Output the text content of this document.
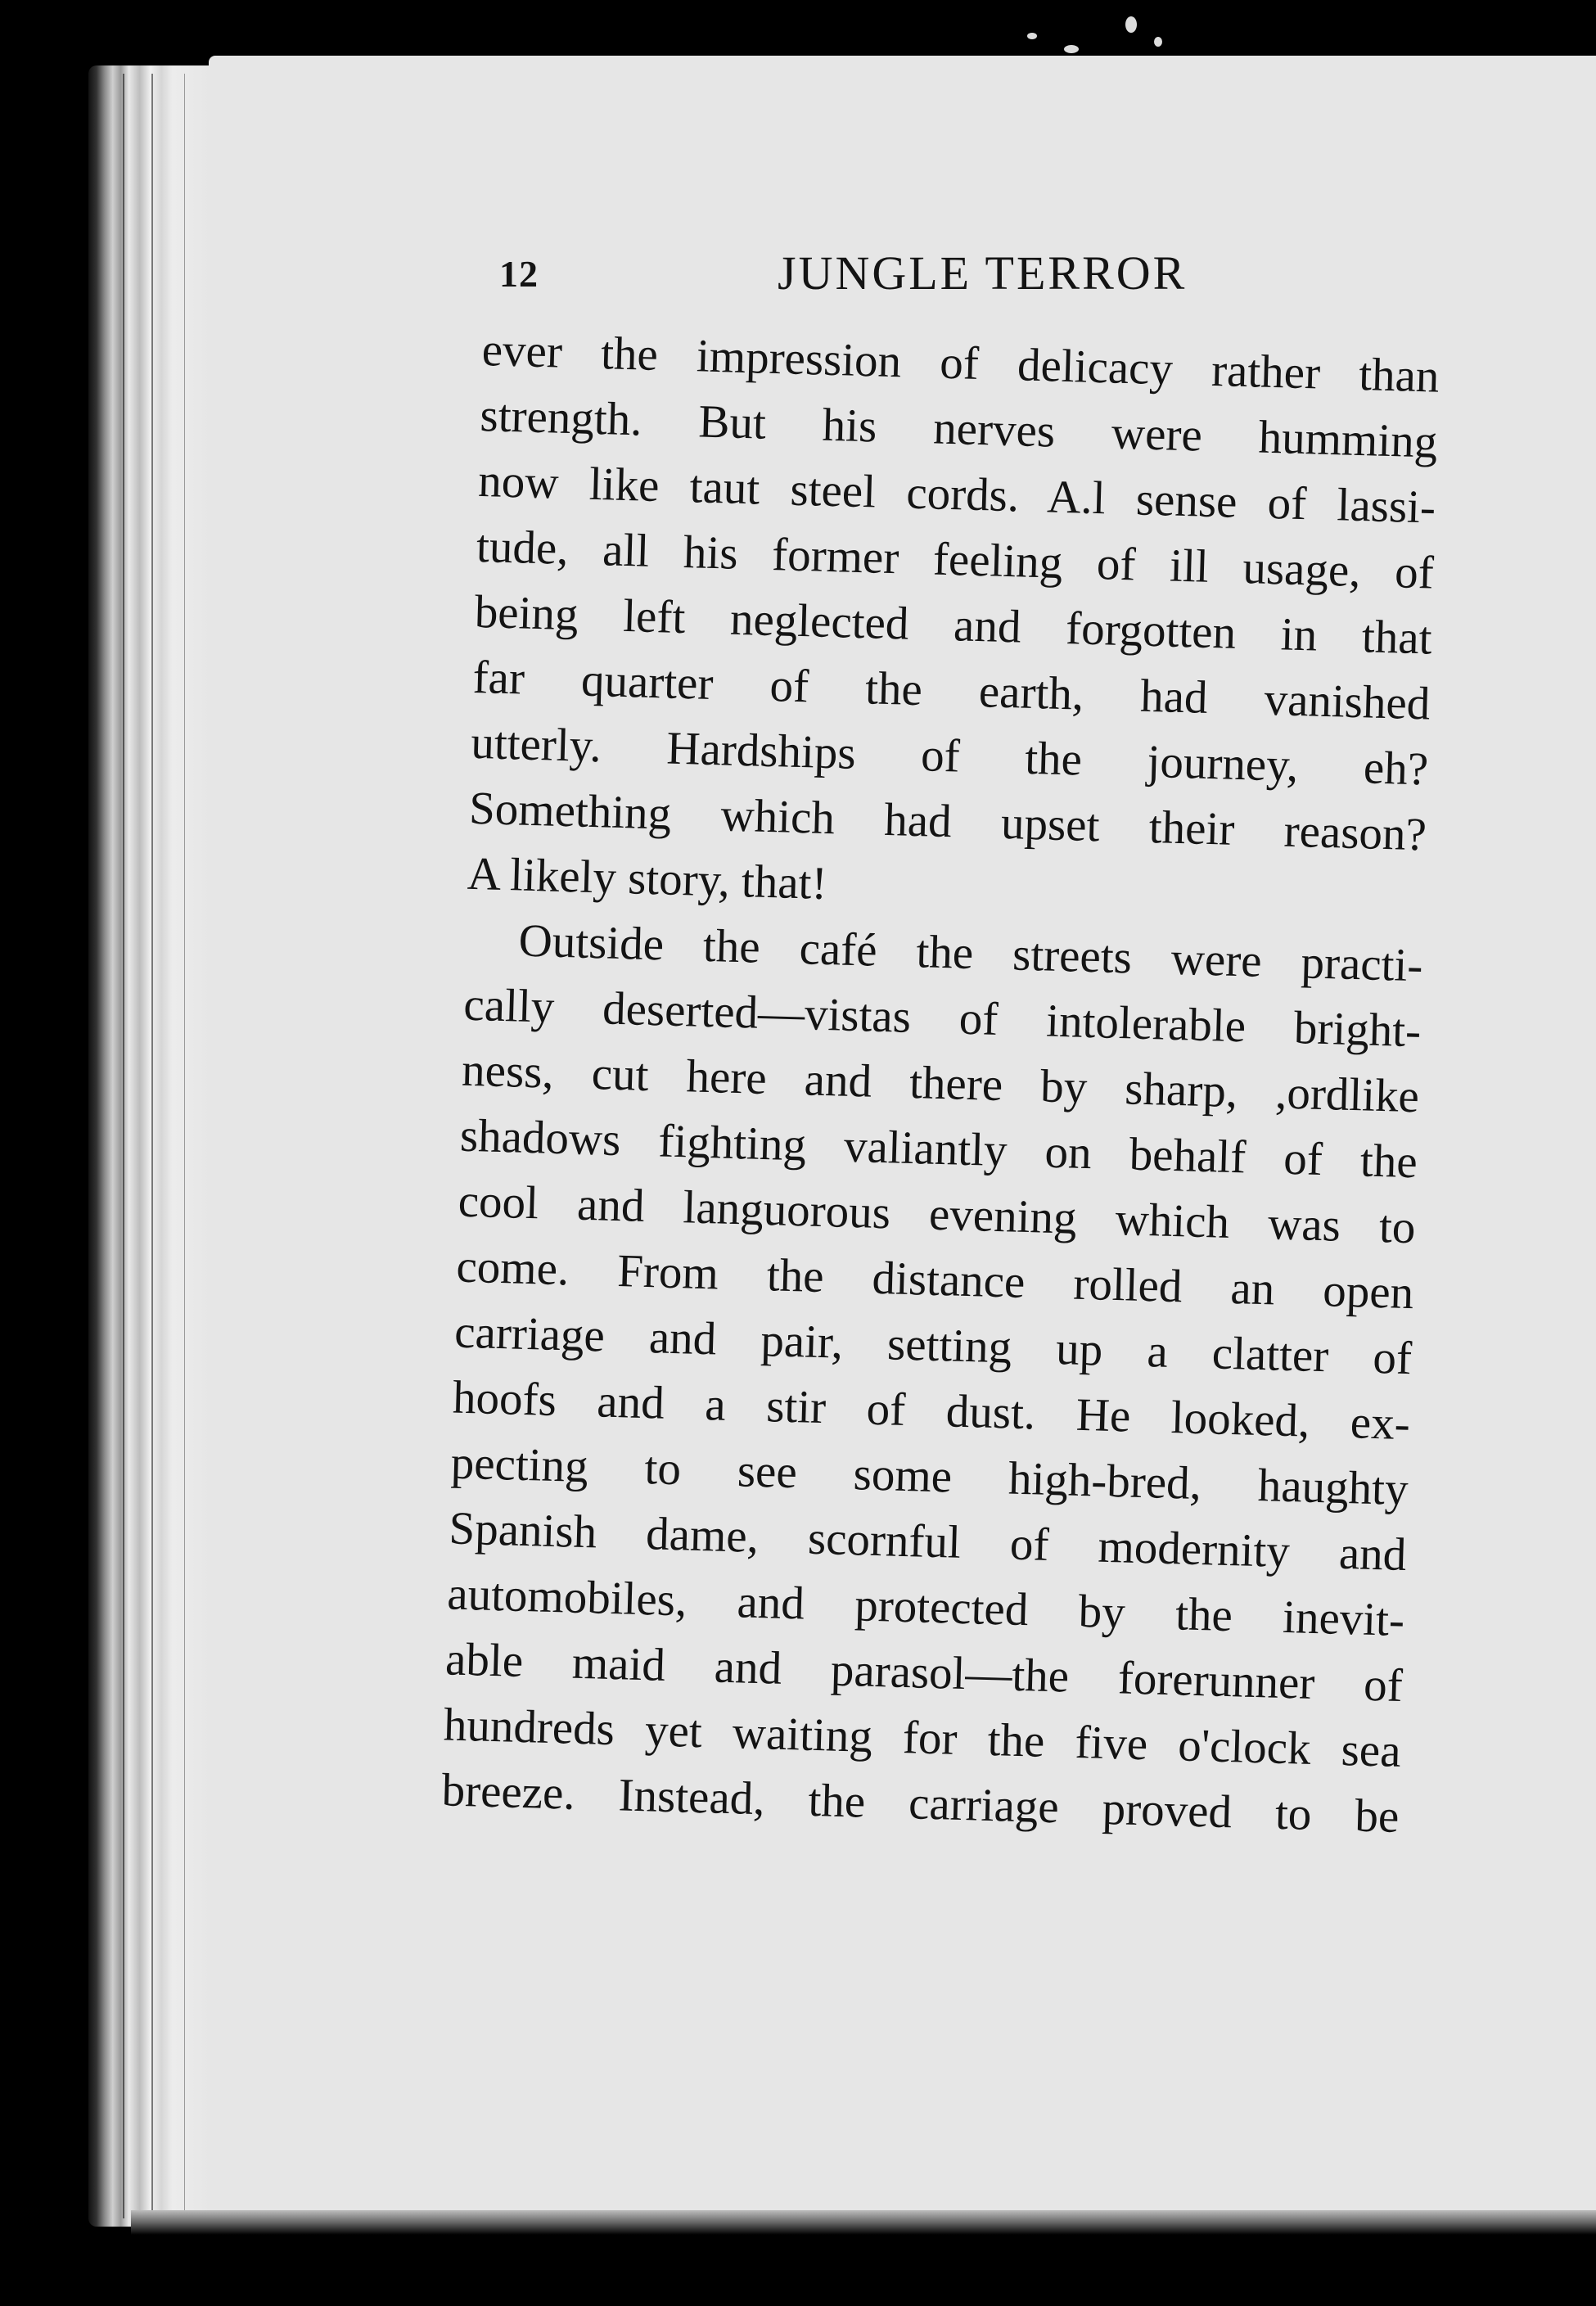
12	JUNGLE TERROR
ever the impression of delicacy rather than
strength. But his nerves were humming
now like taut steel cords. A.l sense of lassi-
tude, all his former feeling of ill usage, of
being left neglected and forgotten in that
far quarter of the earth, had vanished
utterly. Hardships of the journey, eh?
Something which had upset their reason?
A likely story, that!
Outside the café the streets were practi-
cally deserted—vistas of intolerable bright-
ness, cut here and there by sharp, ,ordlike
shadows fighting valiantly on behalf of the
cool and languorous evening which was to
come. From the distance rolled an open
carriage and pair, setting up a clatter of
hoofs and a stir of dust. He looked, ex-
pecting to see some high-bred, haughty
Spanish dame, scornful of modernity and
automobiles, and protected by the inevit-
able maid and parasol—the forerunner of
hundreds yet waiting for the five o'clock sea
breeze. Instead, the carriage proved to be
